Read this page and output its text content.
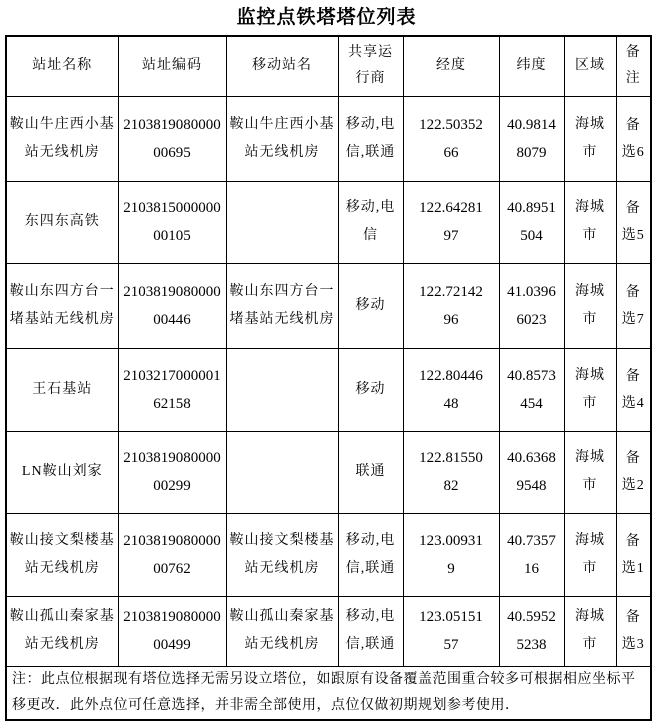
监控点铁塔塔位列表
站址名称	站址编码	移动站名	共享运行商	经度	纬度	区域	备注
鞍山牛庄西小基站无线机房	210381908000000695	鞍山牛庄西小基站无线机房	移动,电信,联通	122.5035266	40.98148079	海城市	备选6
东四东高铁	210381500000000105		移动,电信	122.6428197	40.8951504	海城市	备选5
鞍山东四方台一堵基站无线机房	210381908000000446	鞍山东四方台一堵基站无线机房	移动	122.7214296	41.03966023	海城市	备选7
王石基站	210321700000162158		移动	122.8044648	40.8573454	海城市	备选4
LN鞍山刘家	210381908000000299		联通	122.8155082	40.63689548	海城市	备选2
鞍山接文梨楼基站无线机房	210381908000000762	鞍山接文梨楼基站无线机房	移动,电信,联通	123.009319	40.735716	海城市	备选1
鞍山孤山秦家基站无线机房	210381908000000499	鞍山孤山秦家基站无线机房	移动,电信,联通	123.0515157	40.59525238	海城市	备选3
注：此点位根据现有塔位选择无需另设立塔位，如跟原有设备覆盖范围重合较多可根据相应坐标平移更改．此外点位可任意选择，并非需全部使用，点位仅做初期规划参考使用．							
